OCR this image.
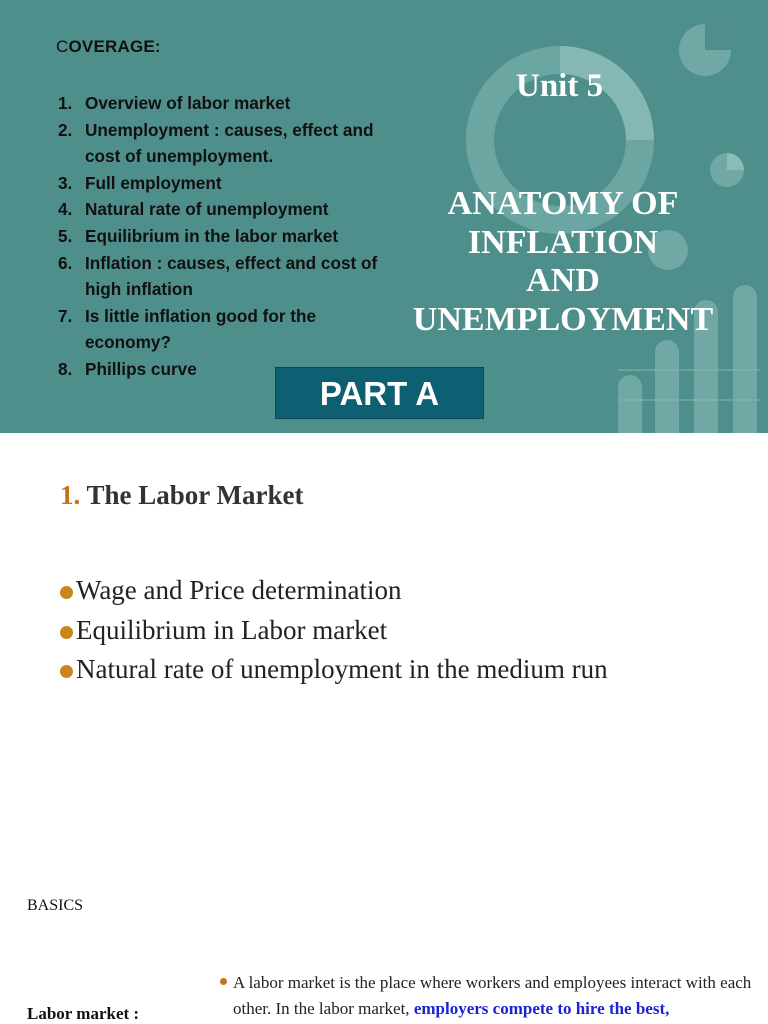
COVERAGE:
1. Overview of labor market
2. Unemployment : causes, effect and cost of unemployment.
3. Full employment
4. Natural rate of unemployment
5. Equilibrium in the labor market
6. Inflation : causes, effect and cost of high inflation
7. Is little inflation good for the economy?
8. Phillips curve
Unit 5
ANATOMY OF
INFLATION
AND
UNEMPLOYMENT
PART A
1. The Labor Market
Wage and Price determination
Equilibrium in Labor market
Natural rate of unemployment in the medium run
BASICS
Labor market :
A labor market is the place where workers and employees interact with each other. In the labor market, employers compete to hire the best,
